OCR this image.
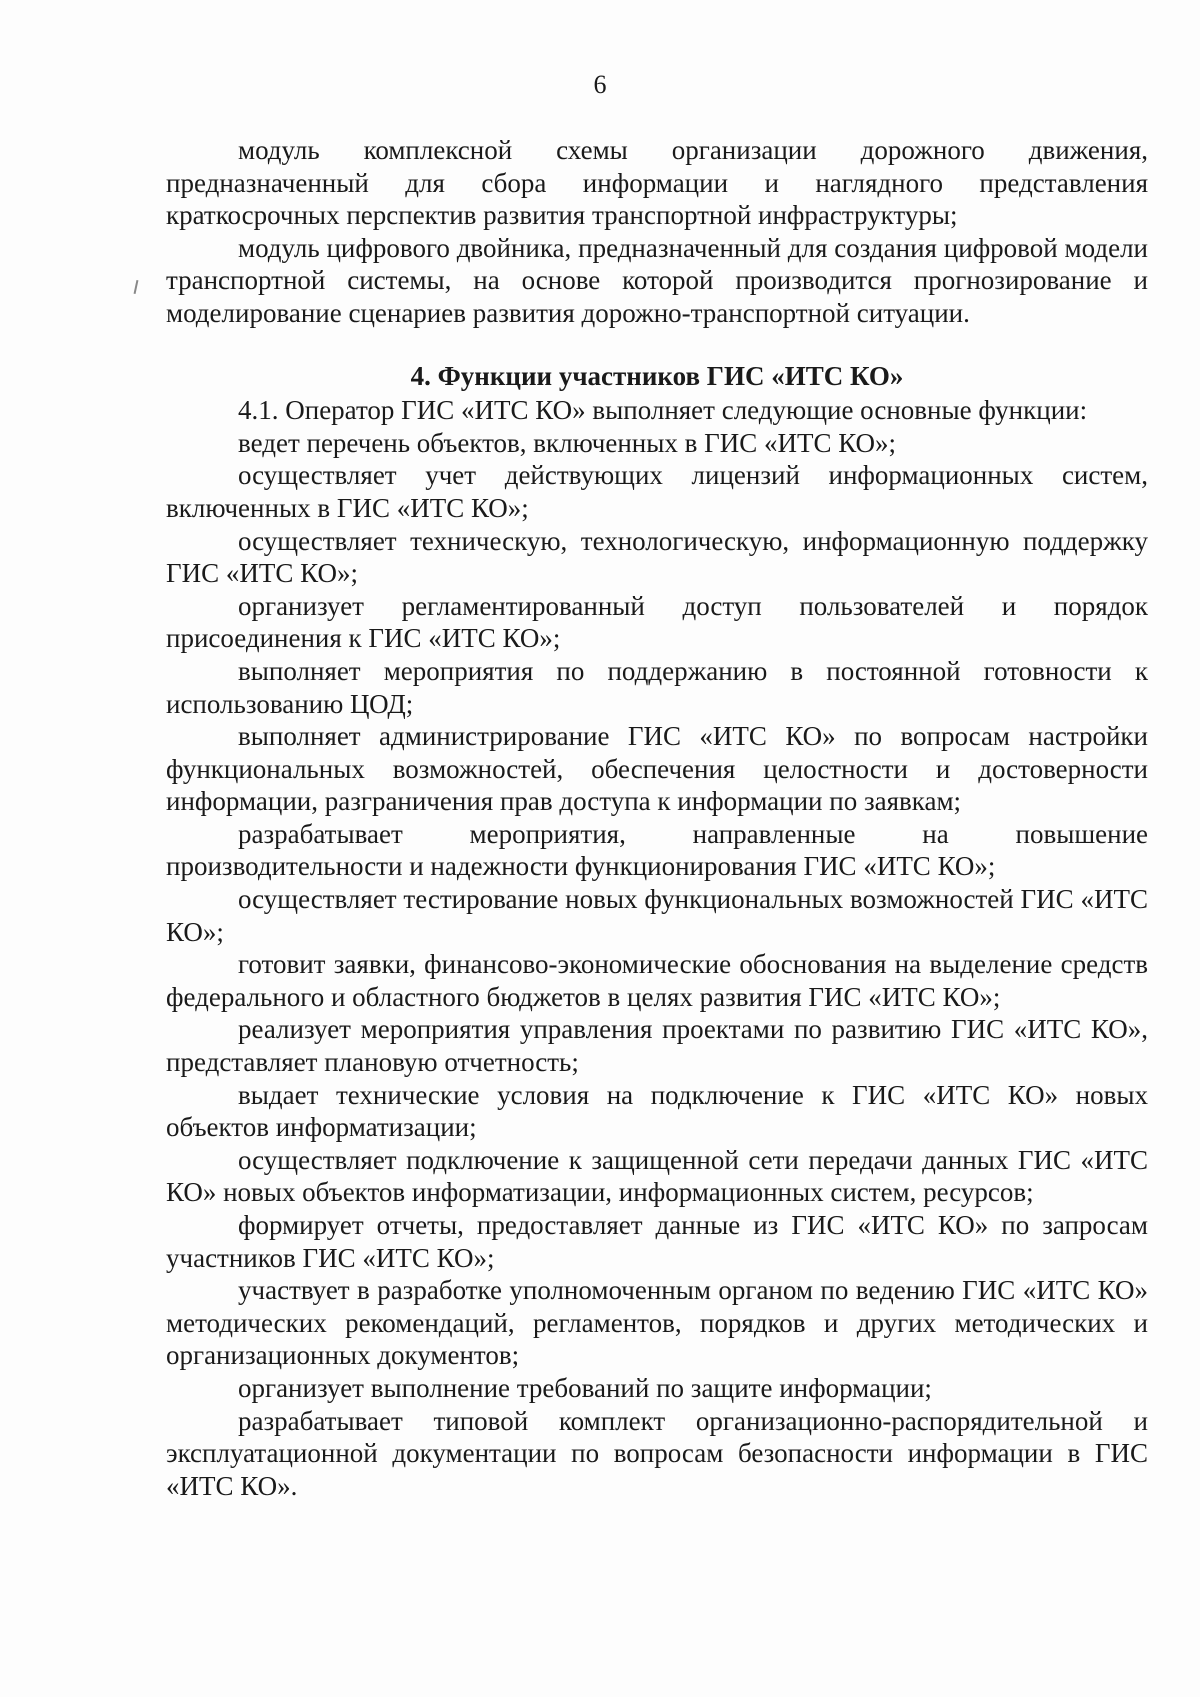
6

модуль комплексной схемы организации дорожного движения, предназначенный для сбора информации и наглядного представления краткосрочных перспектив развития транспортной инфраструктуры;

модуль цифрового двойника, предназначенный для создания цифровой модели транспортной системы, на основе которой производится прогнозирование и моделирование сценариев развития дорожно-транспортной ситуации.

4. Функции участников ГИС «ИТС КО»

4.1. Оператор ГИС «ИТС КО» выполняет следующие основные функции:

ведет перечень объектов, включенных в ГИС «ИТС КО»;

осуществляет учет действующих лицензий информационных систем, включенных в ГИС «ИТС КО»;

осуществляет техническую, технологическую, информационную поддержку ГИС «ИТС КО»;

организует регламентированный доступ пользователей и порядок присоединения к ГИС «ИТС КО»;

выполняет мероприятия по поддержанию в постоянной готовности к использованию ЦОД;

выполняет администрирование ГИС «ИТС КО» по вопросам настройки функциональных возможностей, обеспечения целостности и достоверности информации, разграничения прав доступа к информации по заявкам;

разрабатывает мероприятия, направленные на повышение производительности и надежности функционирования ГИС «ИТС КО»;

осуществляет тестирование новых функциональных возможностей ГИС «ИТС КО»;

готовит заявки, финансово-экономические обоснования на выделение средств федерального и областного бюджетов в целях развития ГИС «ИТС КО»;

реализует мероприятия управления проектами по развитию ГИС «ИТС КО», представляет плановую отчетность;

выдает технические условия на подключение к ГИС «ИТС КО» новых объектов информатизации;

осуществляет подключение к защищенной сети передачи данных ГИС «ИТС КО» новых объектов информатизации, информационных систем, ресурсов;

формирует отчеты, предоставляет данные из ГИС «ИТС КО» по запросам участников ГИС «ИТС КО»;

участвует в разработке уполномоченным органом по ведению ГИС «ИТС КО» методических рекомендаций, регламентов, порядков и других методических и организационных документов;

организует выполнение требований по защите информации;

разрабатывает типовой комплект организационно-распорядительной и эксплуатационной документации по вопросам безопасности информации в ГИС «ИТС КО».
